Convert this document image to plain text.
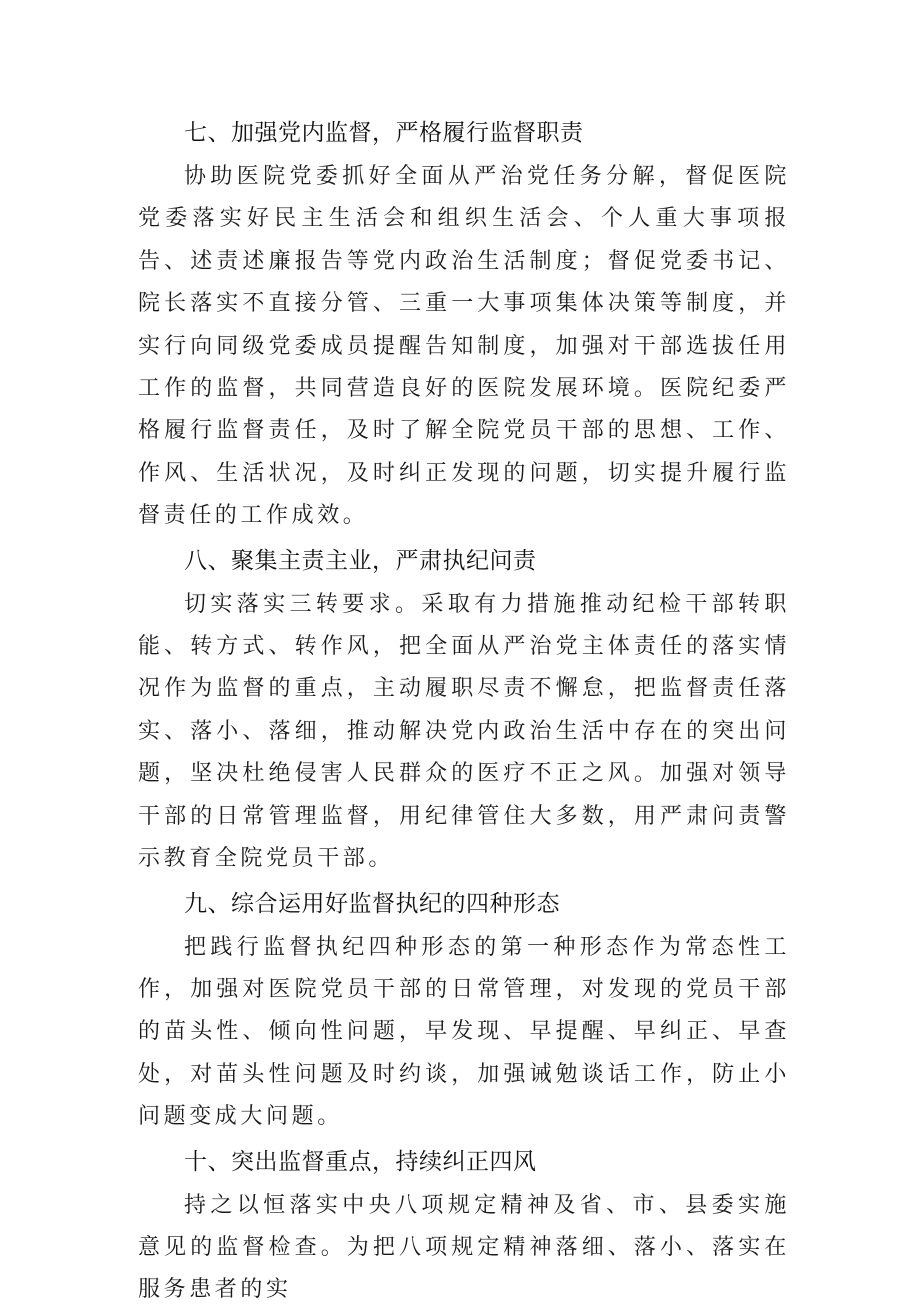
七、加强党内监督，严格履行监督职责

协助医院党委抓好全面从严治党任务分解，督促医院党委落实好民主生活会和组织生活会、个人重大事项报告、述责述廉报告等党内政治生活制度；督促党委书记、院长落实不直接分管、三重一大事项集体决策等制度，并实行向同级党委成员提醒告知制度，加强对干部选拔任用工作的监督，共同营造良好的医院发展环境。医院纪委严格履行监督责任，及时了解全院党员干部的思想、工作、作风、生活状况，及时纠正发现的问题，切实提升履行监督责任的工作成效。

八、聚集主责主业，严肃执纪问责

切实落实三转要求。采取有力措施推动纪检干部转职能、转方式、转作风，把全面从严治党主体责任的落实情况作为监督的重点，主动履职尽责不懈怠，把监督责任落实、落小、落细，推动解决党内政治生活中存在的突出问题，坚决杜绝侵害人民群众的医疗不正之风。加强对领导干部的日常管理监督，用纪律管住大多数，用严肃问责警示教育全院党员干部。

九、综合运用好监督执纪的四种形态

把践行监督执纪四种形态的第一种形态作为常态性工作，加强对医院党员干部的日常管理，对发现的党员干部的苗头性、倾向性问题，早发现、早提醒、早纠正、早查处，对苗头性问题及时约谈，加强诫勉谈话工作，防止小问题变成大问题。

十、突出监督重点，持续纠正四风

持之以恒落实中央八项规定精神及省、市、县委实施意见的监督检查。为把八项规定精神落细、落小、落实在服务患者的实
